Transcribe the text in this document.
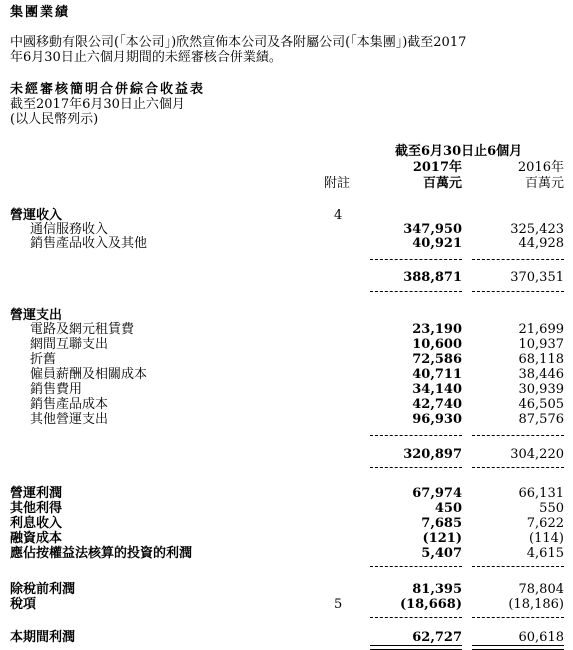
集團業績
中國移動有限公司(「本公司」)欣然宣佈本公司及各附屬公司(「本集團」)截至2017
年6月30日止六個月期間的未經審核合併業績。
未經審核簡明合併綜合收益表
截至2017年6月30日止六個月
(以人民幣列示)
截至6月30日止6個月
2017年	2016年
附註	百萬元	百萬元
營運收入	4
通信服務收入	347,950	325,423
銷售產品收入及其他	40,921	44,928
388,871	370,351
營運支出
電路及網元租賃費	23,190	21,699
網間互聯支出	10,600	10,937
折舊	72,586	68,118
僱員薪酬及相關成本	40,711	38,446
銷售費用	34,140	30,939
銷售產品成本	42,740	46,505
其他營運支出	96,930	87,576
320,897	304,220
營運利潤	67,974	66,131
其他利得	450	550
利息收入	7,685	7,622
融資成本	(121)	(114)
應佔按權益法核算的投資的利潤	5,407	4,615
除稅前利潤	81,395	78,804
稅項	5	(18,668)	(18,186)
本期間利潤	62,727	60,618
